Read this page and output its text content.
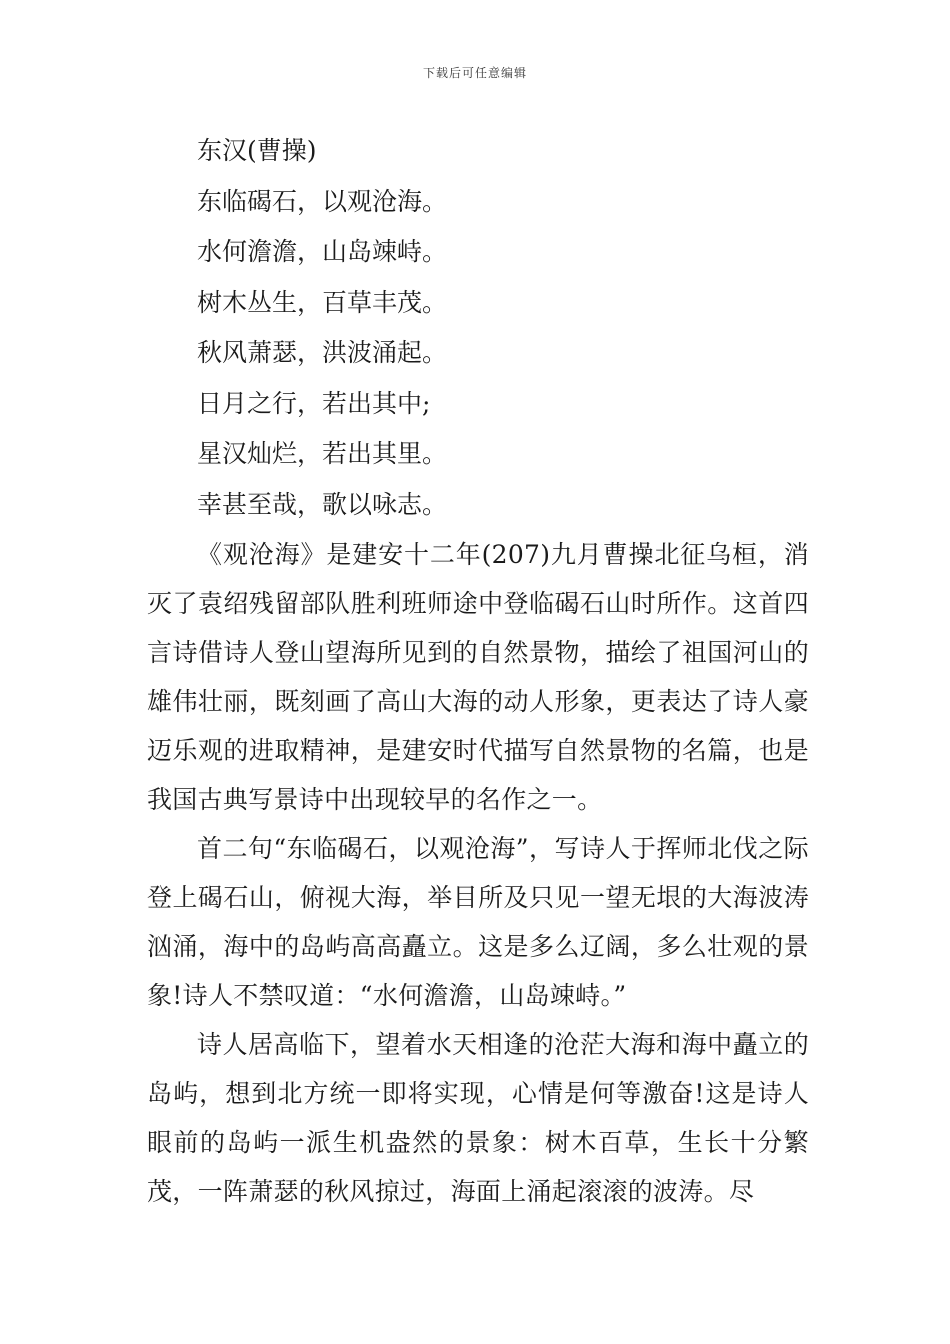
下载后可任意编辑

东汉(曹操)

东临碣石，以观沧海。

水何澹澹，山岛竦峙。

树木丛生，百草丰茂。

秋风萧瑟，洪波涌起。

日月之行，若出其中;

星汉灿烂，若出其里。

幸甚至哉，歌以咏志。

《观沧海》是建安十二年(207)九月曹操北征乌桓，消灭了袁绍残留部队胜利班师途中登临碣石山时所作。这首四言诗借诗人登山望海所见到的自然景物，描绘了祖国河山的雄伟壮丽，既刻画了高山大海的动人形象，更表达了诗人豪迈乐观的进取精神，是建安时代描写自然景物的名篇，也是我国古典写景诗中出现较早的名作之一。

首二句“东临碣石，以观沧海”，写诗人于挥师北伐之际登上碣石山，俯视大海，举目所及只见一望无垠的大海波涛汹涌，海中的岛屿高高矗立。这是多么辽阔，多么壮观的景象!诗人不禁叹道：“水何澹澹，山岛竦峙。”

诗人居高临下，望着水天相逢的沧茫大海和海中矗立的岛屿，想到北方统一即将实现，心情是何等激奋!这是诗人眼前的岛屿一派生机盎然的景象：树木百草，生长十分繁茂，一阵萧瑟的秋风掠过，海面上涌起滚滚的波涛。尽
